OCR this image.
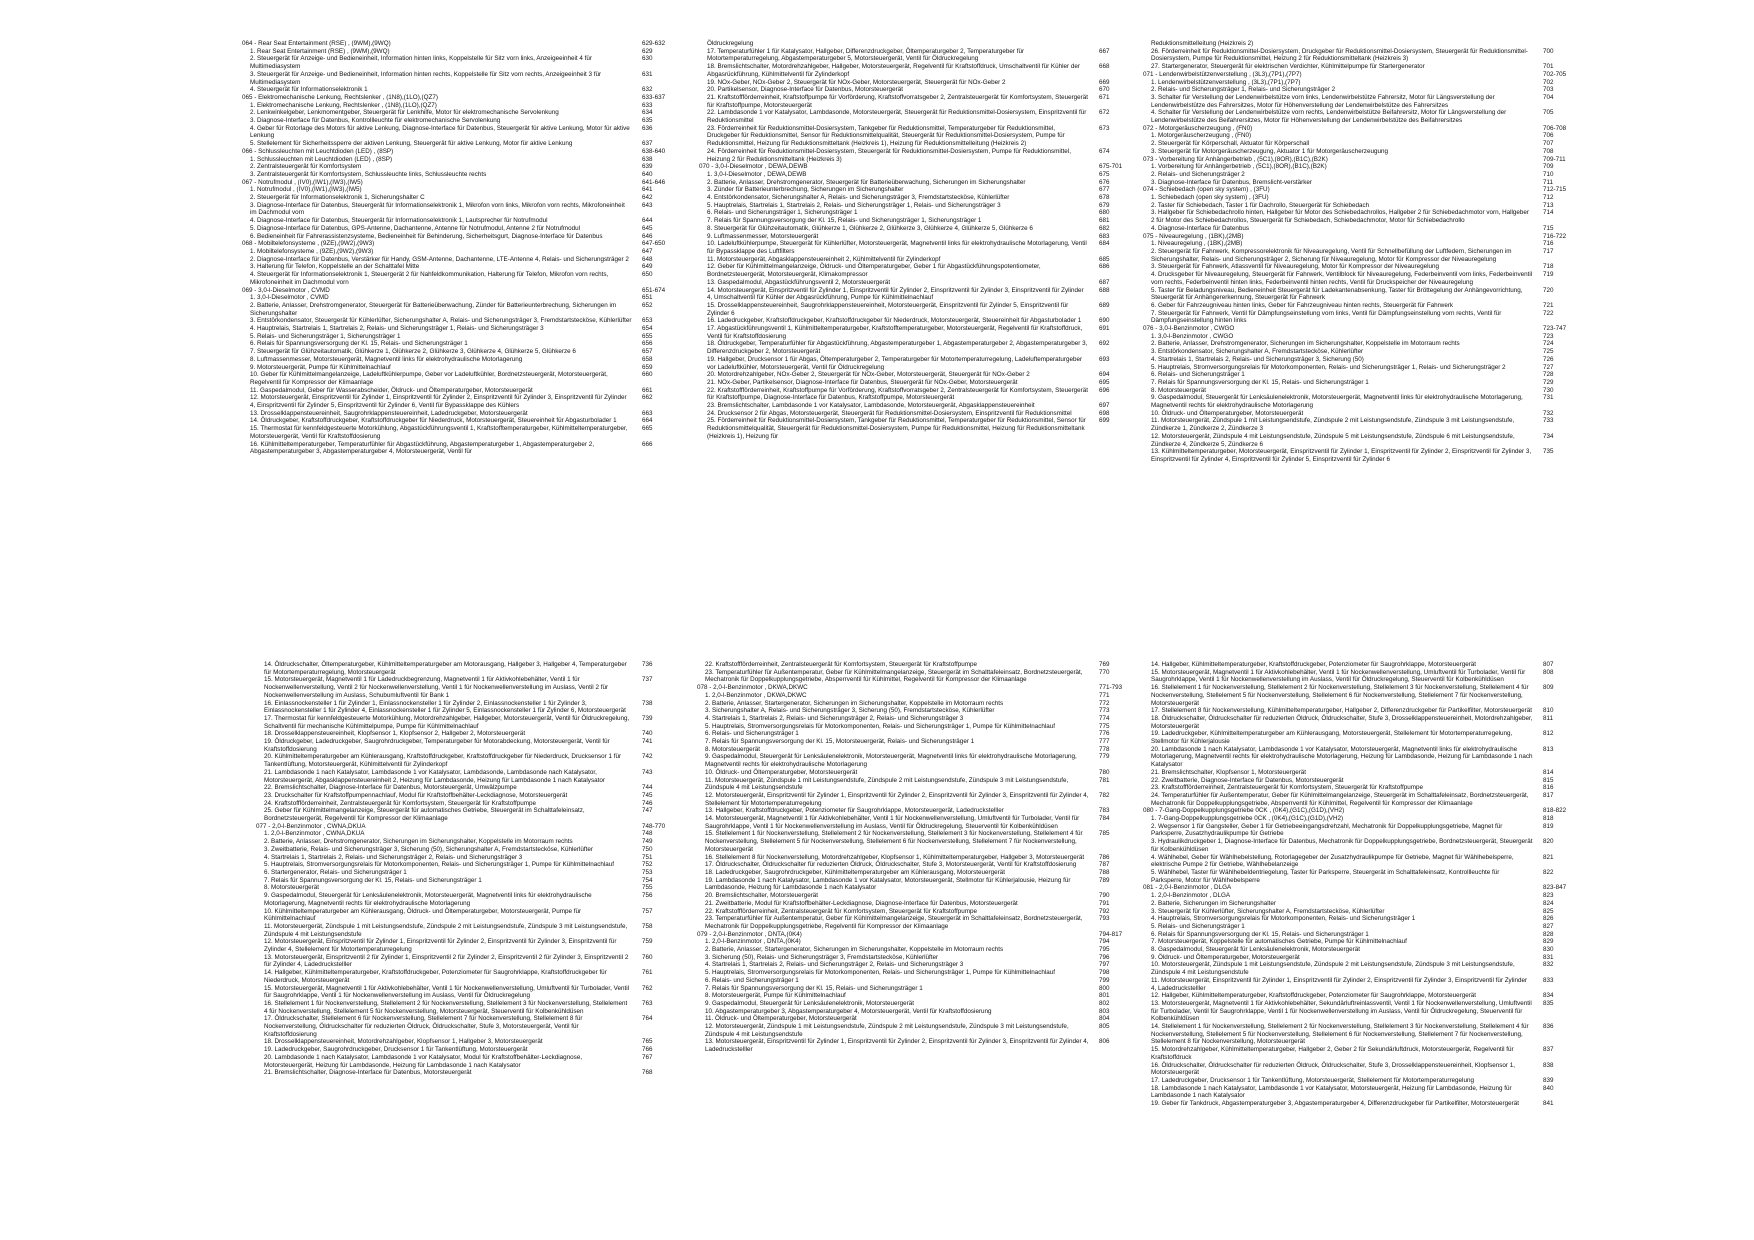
064 - Rear Seat Entertainment (RSE) , (9WM),(9WQ)	629-632
1. Rear Seat Entertainment (RSE) , (9WM),(9WQ)	629
2. Steuergerät für Anzeige- und Bedieneinheit, Information hinten links, Koppelstelle für Sitz vorn links, Anzeigeeinheit 4 für Multimediasystem
630
3. Steuergerät für Anzeige- und Bedieneinheit, Information hinten rechts, Koppelstelle für Sitz vorn rechts, Anzeigeeinheit 3 für Multimediasystem
631
4. Steuergerät für Informationselektronik 1	632
065 - Elektromechanische Lenkung, Rechtslenker , (1N8),(1LO),(QZ7)	633-637
1. Elektromechanische Lenkung, Rechtslenker , (1N8),(1LO),(QZ7)	633
2. Lenkwinkelgeber, Lenkmomentgeber, Steuergerät für Lenkhilfe, Motor für elektromechanische Servolenkung	634
3. Diagnose-Interface für Datenbus, Kontrollleuchte für elektromechanische Servolenkung	635
4. Geber für Rotorlage des Motors für aktive Lenkung, Diagnose-Interface für Datenbus, Steuergerät für aktive Lenkung, Motor für aktive Lenkung
636
5. Stellelement für Sicherheitssperre der aktiven Lenkung, Steuergerät für aktive Lenkung, Motor für aktive Lenkung	637
066 - Schlussleuchten mit Leuchtdioden (LED) , (8SP)	638-640
1. Schlussleuchten mit Leuchtdioden (LED) , (8SP)	638
2. Zentralsteuergerät für Komfortsystem	639
3. Zentralsteuergerät für Komfortsystem, Schlussleuchte links, Schlussleuchte rechts	640
067 - Notrufmodul , (IV0),(IW1),(IW3),(IW5)	641-646
1. Notrufmodul , (IV0),(IW1),(IW3),(IW5)	641
2. Steuergerät für Informationselektronik 1, Sicherungshalter C	642
3. Diagnose-Interface für Datenbus, Steuergerät für Informationselektronik 1, Mikrofon vorn links, Mikrofon vorn rechts, Mikrofoneinheit im Dachmodul vorn
643
4. Diagnose-Interface für Datenbus, Steuergerät für Informationselektronik 1, Lautsprecher für Notrufmodul	644
5. Diagnose-Interface für Datenbus, GPS-Antenne, Dachantenne, Antenne für Notrufmodul, Antenne 2 für Notrufmodul	645
6. Bedieneinheit für Fahrerassistenzsysteme, Bedieneinheit für Behinderung, Sicherheitsgurt, Diagnose-Interface für Datenbus	646
068 - Mobiltelefonsysteme , (9ZE),(9W2),(9W3)	647-650
1. Mobiltelefonsysteme , (9ZE),(9W2),(9W3)	647
2. Diagnose-Interface für Datenbus, Verstärker für Handy, GSM-Antenne, Dachantenne, LTE-Antenne 4, Relais- und Sicherungsträger 2	648
3. Halterung für Telefon, Koppelstelle an der Schalttafel Mitte	649
4. Steuergerät für Informationselektronik 1, Steuergerät 2 für Nahfeldkommunikation, Halterung für Telefon, Mikrofon vorn rechts, Mikrofoneinheit im Dachmodul vorn
650
069 - 3,0-l-Dieselmotor , CVMD	651-674
1. 3,0-l-Dieselmotor , CVMD	651
2. Batterie, Anlasser, Drehstromgenerator, Steuergerät für Batterieüberwachung, Zünder für Batterieunterbrechung, Sicherungen im Sicherungshalter
652
3. Entstörkondensator, Steuergerät für Kühlerlüfter, Sicherungshalter A, Relais- und Sicherungsträger 3, Fremdstartstecköse, Kühlerlüfter	653
4. Hauptrelais, Startrelais 1, Startrelais 2, Relais- und Sicherungsträger 1, Relais- und Sicherungsträger 3	654
5. Relais- und Sicherungsträger 1, Sicherungsträger 1	655
6. Relais für Spannungsversorgung der Kl. 15, Relais- und Sicherungsträger 1	656
7. Steuergerät für Glühzeitautomatik, Glühkerze 1, Glühkerze 2, Glühkerze 3, Glühkerze 4, Glühkerze 5, Glühkerze 6	657
8. Luftmassenmesser, Motorsteuergerät, Magnetventil links für elektrohydraulische Motorlagerung	658
9. Motorsteuergerät, Pumpe für Kühlmittelnachlauf	659
10. Geber für Kühlmittelmangelanzeige, Ladeluftkühlerpumpe, Geber vor Ladeluftkühler, Bordnetzsteuergerät, Motorsteuergerät, Regelventil für Kompressor der Klimaanlage
660
11. Gaspedalmodul, Geber für Wasserabscheider, Öldruck- und Öltemperaturgeber, Motorsteuergerät	661
12. Motorsteuergerät, Einspritzventil für Zylinder 1, Einspritzventil für Zylinder 2, Einspritzventil für Zylinder 3, Einspritzventil für Zylinder 4, Einspritzventil für Zylinder 5, Einspritzventil für Zylinder 6, Ventil für Bypassklappe des Kühlers
662
13. Drosselklappensteuereinheit, Saugrohrklappensteuereinheit, Ladedruckgeber, Motorsteuergerät	663
14. Öldruckgeber, Kraftstoffdruckgeber, Kraftstoffdruckgeber für Niederdruck, Motorsteuergerät, Steuereinheit für Abgasturbolader 1	664
15. Thermostat für kennfeldgesteuerte Motorkühlung, Abgastückführungsventil 1, Kraftstofftemperaturgeber, Kühlmitteltemperaturgeber, Motorsteuergerät, Ventil für Kraftstoffdosierung
665
16. Kühlmitteltemperaturgeber, Temperaturfühler für Abgastückführung, Abgastemperaturgeber 1, Abgastemperaturgeber 2, Abgastemperaturgeber 3, Abgastemperaturgeber 4, Motorsteuergerät, Ventil für
666
Öldruckregelung
17. Temperaturfühler 1 für Katalysator, Hallgeber, Differenzdruckgeber, Öltemperaturgeber 2, Temperaturgeber für Motortemperaturregelung, Abgastemperaturgeber 5, Motorsteuergerät, Ventil für Öldruckregelung
667
18. Bremslichtschalter, Motordrehzahlgeber, Hallgeber, Motorsteuergerät, Regelventil für Kraftstoffdruck, Umschaltventil für Kühler der Abgasrückführung, Kühlmittelventil für Zylinderkopf
668
19. NOx-Geber, NOx-Geber 2, Steuergerät für NOx-Geber, Motorsteuergerät, Steuergerät für NOx-Geber 2	669
20. Partikelsensor, Diagnose-Interface für Datenbus, Motorsteuergerät	670
21. Kraftstoffförderreinheit, Kraftstoffpumpe für Vorförderung, Kraftstoffvorratsgeber 2, Zentralsteuergerät für Komfortsystem, Steuergerät für Kraftstoffpumpe, Motorsteuergerät
671
22. Lambdasonde 1 vor Katalysator, Lambdasonde, Motorsteuergerät, Steuergerät für Reduktionsmittel-Dosiersystem, Einspritzventil für Reduktionsmittel
672
23. Förderreinheit für Reduktionsmittel-Dosiersystem, Tankgeber für Reduktionsmittel, Temperaturgeber für Reduktionsmittel, Druckgeber für Reduktionsmittel, Sensor für Reduktionsmittelqualität, Steuergerät für Reduktionsmittel-Dosiersystem, Pumpe für Reduktionsmittel, Heizung für Reduktionsmitteltank (Heizkreis 1), Heizung für Reduktionsmittelleitung (Heizkreis 2)
673
24. Förderreinheit für Reduktionsmittel-Dosiersystem, Steuergerät für Reduktionsmittel-Dosiersystem, Pumpe für Reduktionsmittel, Heizung 2 für Reduktionsmitteltank (Heizkreis 3)
674
070 - 3,0-l-Dieselmotor , DEWA,DEWB	675-701
1. 3,0-l-Dieselmotor , DEWA,DEWB	675
2. Batterie, Anlasser, Drehstromgenerator, Steuergerät für Batterieüberwachung, Sicherungen im Sicherungshalter	676
3. Zünder für Batterieunterbrechung, Sicherungen im Sicherungshalter	677
4. Entstörkondensator, Sicherungshalter A, Relais- und Sicherungsträger 3, Fremdstartstecköse, Kühlerlüfter	678
5. Hauptrelais, Startrelais 1, Startrelais 2, Relais- und Sicherungsträger 1, Relais- und Sicherungsträger 3	679
6. Relais- und Sicherungsträger 1, Sicherungsträger 1	680
7. Relais für Spannungsversorgung der Kl. 15, Relais- und Sicherungsträger 1, Sicherungsträger 1	681
8. Steuergerät für Glühzeitautomatik, Glühkerze 1, Glühkerze 2, Glühkerze 3, Glühkerze 4, Glühkerze 5, Glühkerze 6	682
9. Luftmassenmesser, Motorsteuergerät	683
10. Ladeluftkühlerpumpe, Steuergerät für Kühlerlüfter, Motorsteuergerät, Magnetventil links für elektrohydraulische Motorlagerung, Ventil für Bypassklappe des Luftfilters
684
11. Motorsteuergerät, Abgasklappensteuereinheit 2, Kühlmittelventil für Zylinderkopf	685
12. Geber für Kühlmittelmangelanzeige, Öldruck- und Öltemperaturgeber, Geber 1 für Abgastückführungspotentiometer, Bordnetzsteuergerät, Motorsteuergerät, Klimakompressor
686
13. Gaspedalmodul, Abgastückführungsventil 2, Motorsteuergerät	687
14. Motorsteuergerät, Einspritzventil für Zylinder 1, Einspritzventil für Zylinder 2, Einspritzventil für Zylinder 3, Einspritzventil für Zylinder 4, Umschaltventil für Kühler der Abgasrückführung, Pumpe für Kühlmittelnachlauf
688
15. Drosselklappensteuereinheit, Saugrohrklappensteuereinheit, Motorsteuergerät, Einspritzventil für Zylinder 5, Einspritzventil für Zylinder 6
689
16. Ladedruckgeber, Kraftstoffdruckgeber, Kraftstoffdruckgeber für Niederdruck, Motorsteuergerät, Steuereinheit für Abgasturbolader 1	690
17. Abgastückführungsventil 1, Kühlmitteltemperaturgeber, Kraftstofftemperaturgeber, Motorsteuergerät, Regelventil für Kraftstoffdruck, Ventil für Kraftstoffdosierung
691
18. Öldruckgeber, Temperaturfühler für Abgastückführung, Abgastemperaturgeber 1, Abgastemperaturgeber 2, Abgastemperaturgeber 3, Differenzdruckgeber 2, Motorsteuergerät
692
19. Hallgeber, Drucksensor 1 für Abgas, Öltemperaturgeber 2, Temperaturgeber für Motortemperaturregelung, Ladeluftemperaturgeber vor Ladeluftkühler, Motorsteuergerät, Ventil für Öldruckregelung
693
20. Motordrehzahlgeber, NOx-Geber 2, Steuergerät für NOx-Geber, Motorsteuergerät, Steuergerät für NOx-Geber 2	694
21. NOx-Geber, Partikelsensor, Diagnose-Interface für Datenbus, Steuergerät für NOx-Geber, Motorsteuergerät	695
22. Kraftstoffförderreinheit, Kraftstoffpumpe für Vorförderung, Kraftstoffvorratsgeber 2, Zentralsteuergerät für Komfortsystem, Steuergerät für Kraftstoffpumpe, Diagnose-Interface für Datenbus, Kraftstoffpumpe, Motorsteuergerät
696
23. Bremslichtschalter, Lambdasonde 1 vor Katalysator, Lambdasonde, Motorsteuergerät, Abgasklappensteuereinheit	697
24. Drucksensor 2 für Abgas, Motorsteuergerät, Steuergerät für Reduktionsmittel-Dosiersystem, Einspritzventil für Reduktionsmittel	698
25. Förderreinheit für Reduktionsmittel-Dosiersystem, Tankgeber für Reduktionsmittel, Temperaturgeber für Reduktionsmittel, Sensor für Reduktionsmittelqualität, Steuergerät für Reduktionsmittel-Dosiersystem, Pumpe für Reduktionsmittel, Heizung für Reduktionsmitteltank (Heizkreis 1), Heizung für
699
Reduktionsmittelleitung (Heizkreis 2)
26. Förderreinheit für Reduktionsmittel-Dosiersystem, Druckgeber für Reduktionsmittel-Dosiersystem, Steuergerät für Reduktionsmittel-Dosiersystem, Pumpe für Reduktionsmittel, Heizung 2 für Reduktionsmitteltank (Heizkreis 3)
700
27. Startergenerator, Steuergerät für elektrischen Verdichter, Kühlmittelpumpe für Startergenerator	701
071 - Lendenwirbelstützenverstellung , (3L3),(7P1),(7P7)	702-705
1. Lendenwirbelstützenverstellung , (3L3),(7P1),(7P7)	702
2. Relais- und Sicherungsträger 1, Relais- und Sicherungsträger 2	703
3. Schalter für Verstellung der Lendenwirbelstütze vorn links, Lendenwirbelstütze Fahrersitz, Motor für Längsverstellung der Lendenwirbelstütze des Fahrersitzes, Motor für Höhenverstellung der Lendenwirbelstütze des Fahrersitzes
704
4. Schalter für Verstellung der Lendenwirbelstütze vorn rechts, Lendenwirbelstütze Beifahrersitz, Motor für Längsverstellung der Lendenwirbelstütze des Beifahrersitzes, Motor für Höhenverstellung der Lendenwirbelstütze des Beifahrersitzes
705
072 - Motorgeräuscherzeugung , (FN0)	706-708
1. Motorgeräuscherzeugung , (FN0)	706
2. Steuergerät für Körperschall, Aktuator für Körperschall	707
3. Steuergerät für Motorgeräuscherzeugung, Aktuator 1 für Motorgeräuscherzeugung	708
073 - Vorbereitung für Anhängerbetrieb , (5C1),(8OR),(B1C),(B2K)	709-711
1. Vorbereitung für Anhängerbetrieb , (5C1),(8OR),(B1C),(B2K)	709
2. Relais- und Sicherungsträger 2	710
3. Diagnose-Interface für Datenbus, Bremslicht-verstärker	711
074 - Schiebedach (open sky system) , (3FU)	712-715
1. Schiebedach (open sky system) , (3FU)	712
2. Taster für Schiebedach, Taster 1 für Dachrollo, Steuergerät für Schiebedach	713
3. Hallgeber für Schiebedachrollo hinten, Hallgeber für Motor des Schiebedachrollos, Hallgeber 2 für Schiebedachmotor vorn, Hallgeber 2 für Motor des Schiebedachrollos, Steuergerät für Schiebedach, Schiebedachmotor, Motor für Schiebedachrollo
714
4. Diagnose-Interface für Datenbus	715
075 - Niveauregelung , (1BK),(2MB)	716-722
1. Niveauregelung , (1BK),(2MB)	716
2. Steuergerät für Fahrwerk, Kompressorelektronik für Niveauregelung, Ventil für Schnellbefüllung der Luftfedern, Sicherungen im Sicherungshalter, Relais- und Sicherungsträger 2, Sicherung für Niveauregelung, Motor für Kompressor der Niveauregelung
717
3. Steuergerät für Fahrwerk, Atlassventil für Niveauregelung, Motor für Kompressor der Niveauregelung	718
4. Drucksgeber für Niveauregelung, Steuergerät für Fahrwerk, Ventilblock für Niveauregelung, Federbeinventil vorn links, Federbeinventil vorn rechts, Federbeinventil hinten links, Federbeinventil hinten rechts, Ventil für Druckspeicher der Niveauregelung
719
5. Taster für Beladungsniveau, Bedieneinheit Steuergerät für Ladekantenabsenkung, Taster für Bröttegelung der Anhängevorrichtung, Steuergerät für Anhängererkennung, Steuergerät für Fahrwerk
720
6. Geber für Fahrzeugniveau hinten links, Geber für Fahrzeugniveau hinten rechts, Steuergerät für Fahrwerk	721
7. Steuergerät für Fahrwerk, Ventil für Dämpfungseinstellung vorn links, Ventil für Dämpfungseinstellung vorn rechts, Ventil für Dämpfungseinstellung hinten links
722
076 - 3,0-l-Benzinmotor , CWGO	723-747
1. 3,0-l-Benzinmotor , CWGO	723
2. Batterie, Anlasser, Drehstromgenerator, Sicherungen im Sicherungshalter, Koppelstelle im Motorraum rechts	724
3. Entstörkondensator, Sicherungshalter A, Fremdstartstecköse, Kühlerlüfter	725
4. Startrelais 1, Startrelais 2, Relais- und Sicherungsträger 3, Sicherung (50)	726
5. Hauptrelais, Stromversorgungsrelais für Motorkomponenten, Relais- und Sicherungsträger 1, Relais- und Sicherungsträger 2	727
6. Relais- und Sicherungsträger 1	728
7. Relais für Spannungsversorgung der Kl. 15, Relais- und Sicherungsträger 1	729
8. Motorsteuergerät	730
9. Gaspedalmodul, Steuergerät für Lenksäulenelektronik, Motorsteuergerät, Magnetventil links für elektrohydraulische Motorlagerung, Magnetventil rechts für elektrohydraulische Motorlagerung
731
10. Öldruck- und Öltemperaturgeber, Motorsteuergerät	732
11. Motorsteuergerät, Zündspule 1 mit Leistungsendstufe, Zündspule 2 mit Leistungsendstufe, Zündspule 3 mit Leistungsendstufe, Zündkerze 1, Zündkerze 2, Zündkerze 3
733
12. Motorsteuergerät, Zündspule 4 mit Leistungsendstufe, Zündspule 5 mit Leistungsendstufe, Zündspule 6 mit Leistungsendstufe, Zündkerze 4, Zündkerze 5, Zündkerze 6
734
13. Kühlmitteltemperaturgeber, Motorsteuergerät, Einspritzventil für Zylinder 1, Einspritzventil für Zylinder 2, Einspritzventil für Zylinder 3, Einspritzventil für Zylinder 4, Einspritzventil für Zylinder 5, Einspritzventil für Zylinder 6
735
14. Öldruckschalter, Öltemperaturgeber, Kühlmitteltemperaturgeber am Motorausgang, Hallgeber 3, Hallgeber 4, Temperaturgeber für Motortemperaturregelung, Motorsteuergerät
736
15. Motorsteuergerät, Magnetventil 1 für Ladedruckbegrenzung, Magnetventil 1 für Aktivkohlebehälter, Ventil 1 für Nockenwellenverstellung, Ventil 2 für Nockenwellenverstellung, Ventil 1 für Nockenwellenverstellung im Auslass, Ventil 2 für Nockenwellenverstellung im Auslass, Schubumluftventil für Bank 1
737
16. Einlassnockensteller 1 für Zylinder 1, Einlassnockensteller 1 für Zylinder 2, Einlassnockensteller 1 für Zylinder 3, Einlassnockensteller 1 für Zylinder 4, Einlassnockensteller 1 für Zylinder 5, Einlassnockensteller 1 für Zylinder 6, Motorsteuergerät
738
17. Thermostat für kennfeldgesteuerte Motorkühlung, Motordrehzahlgeber, Hallgeber, Motorsteuergerät, Ventil für Öldruckregelung, Schaltventil für mechanische Kühlmittelpumpe, Pumpe für Kühlmittelnachlauf
739
18. Drosselklappensteuereinheit, Klopfsensor 1, Klopfsensor 2, Hallgeber 2, Motorsteuergerät	740
19. Öldruckgeber, Ladedruckgeber, Saugrohrdruckgeber, Temperaturgeber für Motorabdeckung, Motorsteuergerät, Ventil für Kraftstoffdosierung
741
20. Kühlmitteltemperaturgeber am Kühlerausgang, Kraftstoffdruckgeber, Kraftstoffdruckgeber für Niederdruck, Drucksensor 1 für Tankentlüftung, Motorsteuergerät, Kühlmittelventil für Zylinderkopf
742
21. Lambdasonde 1 nach Katalysator, Lambdasonde 1 vor Katalysator, Lambdasonde, Lambdasonde nach Katalysator, Motorsteuergerät, Abgasklappensteuereinheit 2, Heizung für Lambdasonde, Heizung für Lambdasonde 1 nach Katalysator
743
22. Bremslichtschalter, Diagnose-Interface für Datenbus, Motorsteuergerät, Umwälzpumpe	744
23. Druckschalter für Kraftstoffpumpennachlauf, Modul für Kraftstoffbehälter-Leckdiagnose, Motorsteuergerät	745
24. Kraftstoffförderreinheit, Zentralsteuergerät für Komfortsystem, Steuergerät für Kraftstoffpumpe	746
25. Geber für Kühlmittelmangelanzeige, Steuergerät für automatisches Getriebe, Steuergerät im Schalttafeleinsatz, Bordnetzsteuergerät, Regelventil für Kompressor der Klimaanlage
747
077 - 2,0-l-Benzinmotor , CWNA,DKUA	748-770
1. 2,0-l-Benzinmotor , CWNA,DKUA	748
2. Batterie, Anlasser, Drehstromgenerator, Sicherungen im Sicherungshalter, Koppelstelle im Motorraum rechts	749
3. Zweitbatterie, Relais- und Sicherungsträger 3, Sicherung (50), Sicherungshalter A, Fremdstartstecköse, Kühlerlüfter	750
4. Startrelais 1, Startrelais 2, Relais- und Sicherungsträger 2, Relais- und Sicherungsträger 3	751
5. Hauptrelais, Stromversorgungsrelais für Motorkomponenten, Relais- und Sicherungsträger 1, Pumpe für Kühlmittelnachlauf	752
6. Startergenerator, Relais- und Sicherungsträger 1	753
7. Relais für Spannungsversorgung der Kl. 15, Relais- und Sicherungsträger 1	754
8. Motorsteuergerät	755
9. Gaspedalmodul, Steuergerät für Lenksäulenelektronik, Motorsteuergerät, Magnetventil links für elektrohydraulische Motorlagerung, Magnetventil rechts für elektrohydraulische Motorlagerung
756
10. Kühlmitteltemperaturgeber am Kühlerausgang, Öldruck- und Öltemperaturgeber, Motorsteuergerät, Pumpe für Kühlmittelnachlauf
757
11. Motorsteuergerät, Zündspule 1 mit Leistungsendstufe, Zündspule 2 mit Leistungsendstufe, Zündspule 3 mit Leistungsendstufe, Zündspule 4 mit Leistungsendstufe
758
12. Motorsteuergerät, Einspritzventil für Zylinder 1, Einspritzventil für Zylinder 2, Einspritzventil für Zylinder 3, Einspritzventil für Zylinder 4, Stellelement für Motortemperaturregelung
759
13. Motorsteuergerät, Einspritzventil 2 für Zylinder 1, Einspritzventil 2 für Zylinder 2, Einspritzventil 2 für Zylinder 3, Einspritzventil 2 für Zylinder 4, Ladedruckstelller
760
14. Hallgeber, Kühlmitteltemperaturgeber, Kraftstoffdruckgeber, Potenziometer für Saugrohrklappe, Kraftstoffdruckgeber für Niederdruck, Motorsteuergerät
761
15. Motorsteuergerät, Magnetventil 1 für Aktivkohlebehälter, Ventil 1 für Nockenwellenverstellung, Umluftventil für Turbolader, Ventil für Saugrohrklappe, Ventil 1 für Nockenwellenverstellung im Auslass, Ventil für Öldruckregelung
762
16. Stellelement 1 für Nockenverstellung, Stellelement 2 für Nockenverstellung, Stellelement 3 für Nockenverstellung, Stellelement 4 für Nockenverstellung, Stellelement 5 für Nockenverstellung, Motorsteuergerät, Steuerventil für Kolbenkühldüsen
763
17. Öldruckschalter, Stellelement 6 für Nockenverstellung, Stellelement 7 für Nockenverstellung, Stellelement 8 für Nockenverstellung, Öldruckschalter für reduzierten Öldruck, Öldruckschalter, Stufe 3, Motorsteuergerät, Ventil für Kraftstoffdosierung
764
18. Drosselklappensteuereinheit, Motordrehzahlgeber, Klopfsensor 1, Hallgeber 3, Motorsteuergerät	765
19. Ladedruckgeber, Saugrohrdruckgeber, Drucksensor 1 für Tankentlüftung, Motorsteuergerät	766
20. Lambdasonde 1 nach Katalysator, Lambdasonde 1 vor Katalysator, Modul für Kraftstoffbehälter-Leckdiagnose, Motorsteuergerät, Heizung für Lambdasonde, Heizung für Lambdasonde 1 nach Katalysator
767
21. Bremslichtschalter, Diagnose-Interface für Datenbus, Motorsteuergerät	768
22. Kraftstoffförderreinheit, Zentralsteuergerät für Komfortsystem, Steuergerät für Kraftstoffpumpe	769
23. Temperaturfühler für Außentemperatur, Geber für Kühlmittelmangelanzeige, Steuergerät im Schalttafeleinsatz, Bordnetzsteuergerät, Mechatronik für Doppelkupplungsgetriebe, Absperrventil für Kühlmittel, Regelventil für Kompressor der Klimaanlage
770
078 - 2,0-l-Benzinmotor , DKWA,DKWC	771-793
1. 2,0-l-Benzinmotor , DKWA,DKWC	771
2. Batterie, Anlasser, Startergenerator, Sicherungen im Sicherungshalter, Koppelstelle im Motorraum rechts	772
3. Sicherungshalter A, Relais- und Sicherungsträger 3, Sicherung (50), Fremdstartstecköse, Kühlerlüfter	773
4. Startrelais 1, Startrelais 2, Relais- und Sicherungsträger 2, Relais- und Sicherungsträger 3	774
5. Hauptrelais, Stromversorgungsrelais für Motorkomponenten, Relais- und Sicherungsträger 1, Pumpe für Kühlmittelnachlauf	775
6. Relais- und Sicherungsträger 1	776
7. Relais für Spannungsversorgung der Kl. 15, Motorsteuergerät, Relais- und Sicherungsträger 1	777
8. Motorsteuergerät	778
9. Gaspedalmodul, Steuergerät für Lenksäulenelektronik, Motorsteuergerät, Magnetventil links für elektrohydraulische Motorlagerung, Magnetventil rechts für elektrohydraulische Motorlagerung
779
10. Öldruck- und Öltemperaturgeber, Motorsteuergerät	780
11. Motorsteuergerät, Zündspule 1 mit Leistungsendstufe, Zündspule 2 mit Leistungsendstufe, Zündspule 3 mit Leistungsendstufe, Zündspule 4 mit Leistungsendstufe
781
12. Motorsteuergerät, Einspritzventil für Zylinder 1, Einspritzventil für Zylinder 2, Einspritzventil für Zylinder 3, Einspritzventil für Zylinder 4, Stellelement für Motortemperaturregelung
782
13. Hallgeber, Kraftstoffdruckgeber, Potenziometer für Saugrohrklappe, Motorsteuergerät, Ladedruckstelller	783
14. Motorsteuergerät, Magnetventil 1 für Aktivkohlebehälter, Ventil 1 für Nockenwellenverstellung, Umluftventil für Turbolader, Ventil für Saugrohrklappe, Ventil 1 für Nockenwellenverstellung im Auslass, Ventil für Öldruckregelung, Steuerventil für Kolbenkühldüsen
784
15. Stellelement 1 für Nockenverstellung, Stellelement 2 für Nockenverstellung, Stellelement 3 für Nockenverstellung, Stellelement 4 für Nockenverstellung, Stellelement 5 für Nockenverstellung, Stellelement 6 für Nockenverstellung, Stellelement 7 für Nockenverstellung, Motorsteuergerät
785
16. Stellelement 8 für Nockenverstellung, Motordrehzahlgeber, Klopfsensor 1, Kühlmitteltemperaturgeber, Hallgeber 3, Motorsteuergerät	786
17. Öldruckschalter, Öldruckschalter für reduzierten Öldruck, Öldruckschalter, Stufe 3, Motorsteuergerät, Ventil für Kraftstoffdosierung	787
18. Ladedruckgeber, Saugrohrdruckgeber, Kühlmitteltemperaturgeber am Kühlerausgang, Motorsteuergerät	788
19. Lambdasonde 1 nach Katalysator, Lambdasonde 1 vor Katalysator, Motorsteuergerät, Stellmotor für Kühlerjalousie, Heizung für Lambdasonde, Heizung für Lambdasonde 1 nach Katalysator
789
20. Bremslichtschalter, Motorsteuergerät	790
21. Zweitbatterie, Modul für Kraftstoffbehälter-Leckdiagnose, Diagnose-Interface für Datenbus, Motorsteuergerät	791
22. Kraftstoffförderreinheit, Zentralsteuergerät für Komfortsystem, Steuergerät für Kraftstoffpumpe	792
23. Temperaturfühler für Außentemperatur, Geber für Kühlmittelmangelanzeige, Steuergerät im Schalttafeleinsatz, Bordnetzsteuergerät, Mechatronik für Doppelkupplungsgetriebe, Regelventil für Kompressor der Klimaanlage
793
079 - 2,0-l-Benzinmotor , DNTA,(0K4)	794-817
1. 2,0-l-Benzinmotor , DNTA,(0K4)	794
2. Batterie, Anlasser, Startergenerator, Sicherungen im Sicherungshalter, Koppelstelle im Motorraum rechts	795
3. Sicherung (50), Relais- und Sicherungsträger 3, Fremdstartstecköse, Kühlerlüfter	796
4. Startrelais 1, Startrelais 2, Relais- und Sicherungsträger 2, Relais- und Sicherungsträger 3	797
5. Hauptrelais, Stromversorgungsrelais für Motorkomponenten, Relais- und Sicherungsträger 1, Pumpe für Kühlmittelnachlauf	798
6. Relais- und Sicherungsträger 1	799
7. Relais für Spannungsversorgung der Kl. 15, Relais- und Sicherungsträger 1	800
8. Motorsteuergerät, Pumpe für Kühlmittelnachlauf	801
9. Gaspedalmodul, Steuergerät für Lenksäulenelektronik, Motorsteuergerät	802
10. Abgastemperaturgeber 3, Abgastemperaturgeber 4, Motorsteuergerät, Ventil für Kraftstoffdosierung	803
11. Öldruck- und Öltemperaturgeber, Motorsteuergerät	804
12. Motorsteuergerät, Zündspule 1 mit Leistungsendstufe, Zündspule 2 mit Leistungsendstufe, Zündspule 3 mit Leistungsendstufe, Zündspule 4 mit Leistungsendstufe
805
13. Motorsteuergerät, Einspritzventil für Zylinder 1, Einspritzventil für Zylinder 2, Einspritzventil für Zylinder 3, Einspritzventil für Zylinder 4, Ladedruckstelller
806
14. Hallgeber, Kühlmitteltemperaturgeber, Kraftstoffdruckgeber, Potenziometer für Saugrohrklappe, Motorsteuergerät	807
15. Motorsteuergerät, Magnetventil 1 für Aktivkohlebehälter, Ventil 1 für Nockenwellenverstellung, Umluftventil für Turbolader, Ventil für Saugrohrklappe, Ventil 1 für Nockenwellenverstellung im Auslass, Ventil für Öldruckregelung, Steuerventil für Kolbenkühldüsen
808
16. Stellelement 1 für Nockenverstellung, Stellelement 2 für Nockenverstellung, Stellelement 3 für Nockenverstellung, Stellelement 4 für Nockenverstellung, Stellelement 5 für Nockenverstellung, Stellelement 6 für Nockenverstellung, Stellelement 7 für Nockenverstellung, Motorsteuergerät
809
17. Stellelement 8 für Nockenverstellung, Kühlmitteltemperaturgeber, Hallgeber 2, Differenzdruckgeber für Partikelfilter, Motorsteuergerät	810
18. Öldruckschalter, Öldruckschalter für reduzierten Öldruck, Öldruckschalter, Stufe 3, Drosselklappensteuereinheit, Motordrehzahlgeber, Motorsteuergerät
811
19. Ladedruckgeber, Kühlmitteltemperaturgeber am Kühlerausgang, Motorsteuergerät, Stellelement für Motortemperaturregelung, Stellmotor für Kühlerjalousie
812
20. Lambdasonde 1 nach Katalysator, Lambdasonde 1 vor Katalysator, Motorsteuergerät, Magnetventil links für elektrohydraulische Motorlagerung, Magnetventil rechts für elektrohydraulische Motorlagerung, Heizung für Lambdasonde, Heizung für Lambdasonde 1 nach Katalysator
813
21. Bremslichtschalter, Klopfsensor 1, Motorsteuergerät	814
22. Zweitbatterie, Diagnose-Interface für Datenbus, Motorsteuergerät	815
23. Kraftstoffförderreinheit, Zentralsteuergerät für Komfortsystem, Steuergerät für Kraftstoffpumpe	816
24. Temperaturfühler für Außentemperatur, Geber für Kühlmittelmangelanzeige, Steuergerät im Schalttafeleinsatz, Bordnetzsteuergerät, Mechatronik für Doppelkupplungsgetriebe, Absperrventil für Kühlmittel, Regelventil für Kompressor der Klimaanlage
817
080 - 7-Gang-Doppelkupplungsgetriebe 0CK , (0K4),(G1C),(G1D),(VH2)	818-822
1. 7-Gang-Doppelkupplungsgetriebe 0CK , (0K4),(G1C),(G1D),(VH2)	818
2. Wegsensor 1 für Gangsteller, Geber 1 für Getriebeeingangsdrehzahl, Mechatronik für Doppelkupplungsgetriebe, Magnet für Parksperre, Zusatzhydraulikpumpe für Getriebe
819
3. Hydraulikdruckgeber 1, Diagnose-Interface für Datenbus, Mechatronik für Doppelkupplungsgetriebe, Bordnetzsteuergerät, Steuergerät für Kolbenkühldüsen
820
4. Wählhebel, Geber für Wählhebelstellung, Rotorlagegeber der Zusatzhydraulikpumpe für Getriebe, Magnet für Wählhebelsperre, elektrische Pumpe 2 für Getriebe, Wählhebelanzeige
821
5. Wählhebel, Taster für Wählhebeldentriegelung, Taster für Parksperre, Steuergerät im Schalttafeleinsatz, Kontrollleuchte für Parksperre, Motor für Wählhebelsperre
822
081 - 2,0-l-Benzinmotor , DLGA	823-847
1. 2,0-l-Benzinmotor , DLGA	823
2. Batterie, Sicherungen im Sicherungshalter	824
3. Steuergerät für Kühlerlüfter, Sicherungshalter A, Fremdstartstecköse, Kühlerlüfter	825
4. Hauptrelais, Stromversorgungsrelais für Motorkomponenten, Relais- und Sicherungsträger 1	826
5. Relais- und Sicherungsträger 1	827
6. Relais für Spannungsversorgung der Kl. 15, Relais- und Sicherungsträger 1	828
7. Motorsteuergerät, Koppelstelle für automatisches Getriebe, Pumpe für Kühlmittelnachlauf	829
8. Gaspedalmodul, Steuergerät für Lenksäulenelektronik, Motorsteuergerät	830
9. Öldruck- und Öltemperaturgeber, Motorsteuergerät	831
10. Motorsteuergerät, Zündspule 1 mit Leistungsendstufe, Zündspule 2 mit Leistungsendstufe, Zündspule 3 mit Leistungsendstufe, Zündspule 4 mit Leistungsendstufe
832
11. Motorsteuergerät, Einspritzventil für Zylinder 1, Einspritzventil für Zylinder 2, Einspritzventil für Zylinder 3, Einspritzventil für Zylinder 4, Ladedruckstelller
833
12. Hallgeber, Kühlmitteltemperaturgeber, Kraftstoffdruckgeber, Potenziometer für Saugrohrklappe, Motorsteuergerät	834
13. Motorsteuergerät, Magnetventil 1 für Aktivkohlebehälter, Sekundärluftreinlassventil, Ventil 1 für Nockenwellenverstellung, Umluftventil für Turbolader, Ventil für Saugrohrklappe, Ventil 1 für Nockenwellenverstellung im Auslass, Ventil für Öldruckregelung, Steuerventil für Kolbenkühldüsen
835
14. Stellelement 1 für Nockenverstellung, Stellelement 2 für Nockenverstellung, Stellelement 3 für Nockenverstellung, Stellelement 4 für Nockenverstellung, Stellelement 5 für Nockenverstellung, Stellelement 6 für Nockenverstellung, Stellelement 7 für Nockenverstellung, Stellelement 8 für Nockenverstellung, Motorsteuergerät
836
15. Motordrehzahlgeber, Kühlmitteltemperaturgeber, Hallgeber 2, Geber 2 für Sekundärluftdruck, Motorsteuergerät, Regelventil für Kraftstoffdruck
837
16. Öldruckschalter, Öldruckschalter für reduzierten Öldruck, Öldruckschalter, Stufe 3, Drosselklappensteuereinheit, Klopfsensor 1, Motorsteuergerät
838
17. Ladedruckgeber, Drucksensor 1 für Tankentlüftung, Motorsteuergerät, Stellelement für Motortemperaturregelung	839
18. Lambdasonde 1 nach Katalysator, Lambdasonde 1 vor Katalysator, Motorsteuergerät, Heizung für Lambdasonde, Heizung für Lambdasonde 1 nach Katalysator
840
19. Geber für Tankdruck, Abgastemperaturgeber 3, Abgastemperaturgeber 4, Differenzdruckgeber für Partikelfilter, Motorsteuergerät	841
